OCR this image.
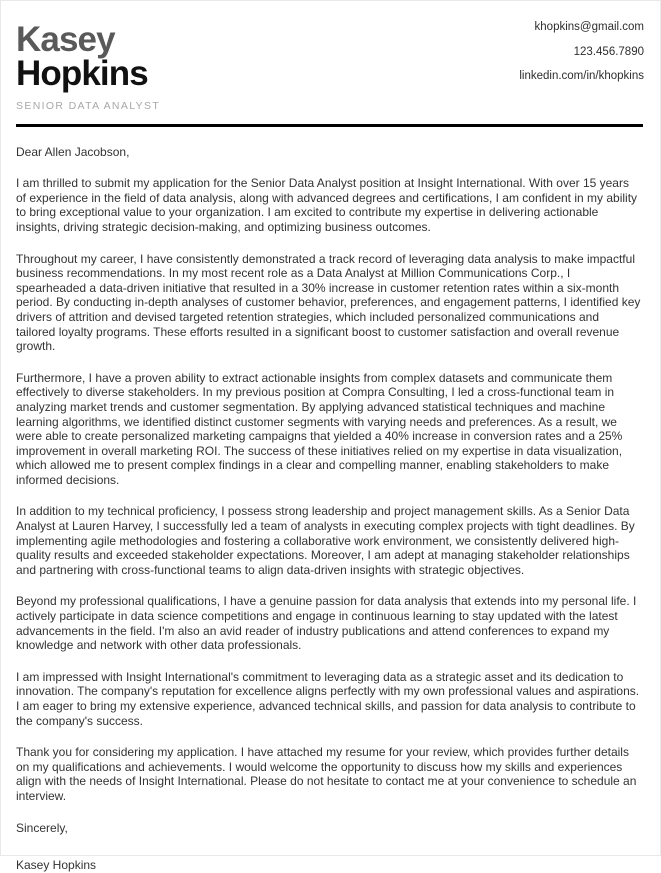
Kasey
Hopkins
SENIOR DATA ANALYST
khopkins@gmail.com
123.456.7890
linkedin.com/in/khopkins

Dear Allen Jacobson,

I am thrilled to submit my application for the Senior Data Analyst position at Insight International. With over 15 years of experience in the field of data analysis, along with advanced degrees and certifications, I am confident in my ability to bring exceptional value to your organization. I am excited to contribute my expertise in delivering actionable insights, driving strategic decision-making, and optimizing business outcomes.

Throughout my career, I have consistently demonstrated a track record of leveraging data analysis to make impactful business recommendations. In my most recent role as a Data Analyst at Million Communications Corp., I spearheaded a data-driven initiative that resulted in a 30% increase in customer retention rates within a six-month period. By conducting in-depth analyses of customer behavior, preferences, and engagement patterns, I identified key drivers of attrition and devised targeted retention strategies, which included personalized communications and tailored loyalty programs. These efforts resulted in a significant boost to customer satisfaction and overall revenue growth.

Furthermore, I have a proven ability to extract actionable insights from complex datasets and communicate them effectively to diverse stakeholders. In my previous position at Compra Consulting, I led a cross-functional team in analyzing market trends and customer segmentation. By applying advanced statistical techniques and machine learning algorithms, we identified distinct customer segments with varying needs and preferences. As a result, we were able to create personalized marketing campaigns that yielded a 40% increase in conversion rates and a 25% improvement in overall marketing ROI. The success of these initiatives relied on my expertise in data visualization, which allowed me to present complex findings in a clear and compelling manner, enabling stakeholders to make informed decisions.

In addition to my technical proficiency, I possess strong leadership and project management skills. As a Senior Data Analyst at Lauren Harvey, I successfully led a team of analysts in executing complex projects with tight deadlines. By implementing agile methodologies and fostering a collaborative work environment, we consistently delivered high-quality results and exceeded stakeholder expectations. Moreover, I am adept at managing stakeholder relationships and partnering with cross-functional teams to align data-driven insights with strategic objectives.

Beyond my professional qualifications, I have a genuine passion for data analysis that extends into my personal life. I actively participate in data science competitions and engage in continuous learning to stay updated with the latest advancements in the field. I'm also an avid reader of industry publications and attend conferences to expand my knowledge and network with other data professionals.

I am impressed with Insight International's commitment to leveraging data as a strategic asset and its dedication to innovation. The company's reputation for excellence aligns perfectly with my own professional values and aspirations. I am eager to bring my extensive experience, advanced technical skills, and passion for data analysis to contribute to the company's success.

Thank you for considering my application. I have attached my resume for your review, which provides further details on my qualifications and achievements. I would welcome the opportunity to discuss how my skills and experiences align with the needs of Insight International. Please do not hesitate to contact me at your convenience to schedule an interview.

Sincerely,

Kasey Hopkins
